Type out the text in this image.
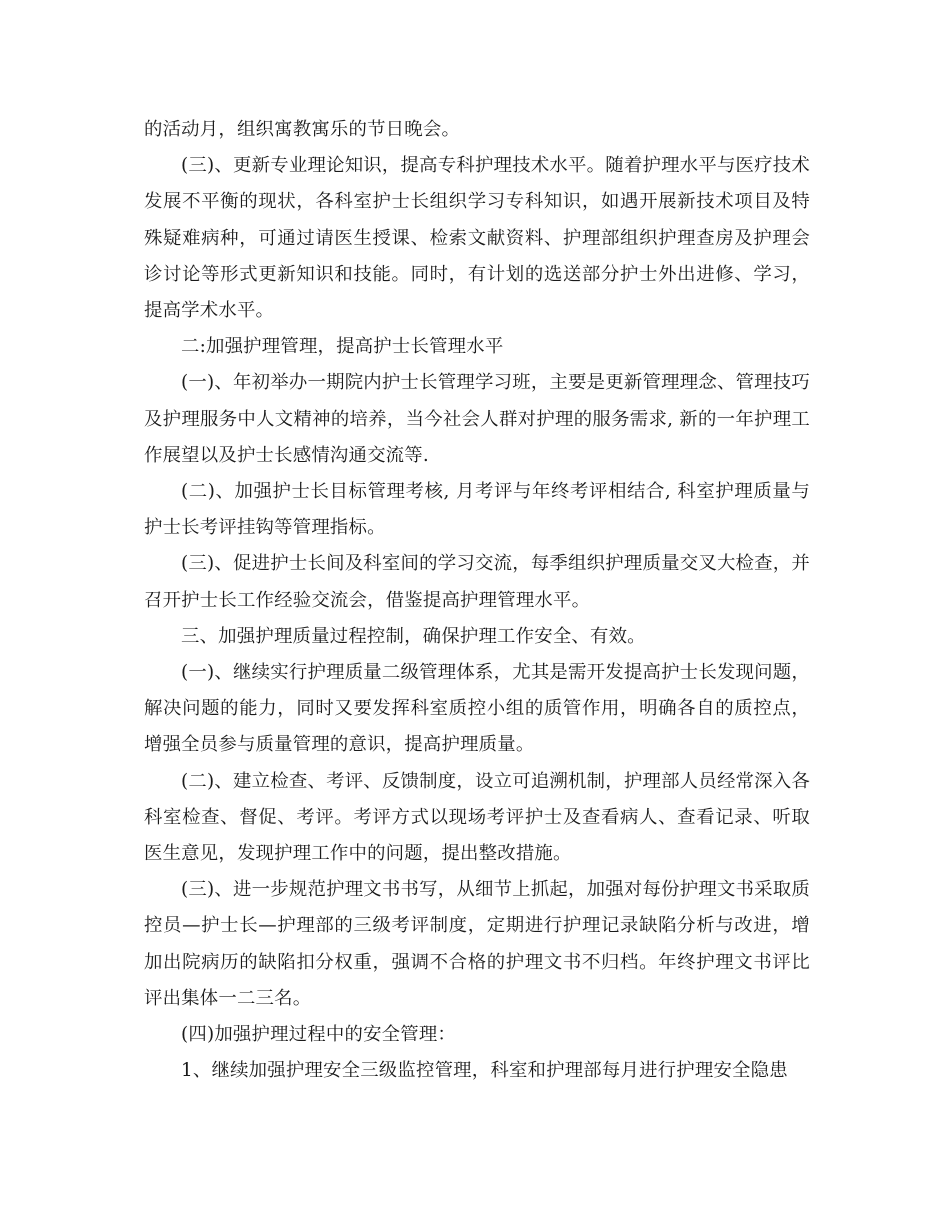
的活动月，组织寓教寓乐的节日晚会。

(三)、更新专业理论知识，提高专科护理技术水平。随着护理水平与医疗技术发展不平衡的现状，各科室护士长组织学习专科知识，如遇开展新技术项目及特殊疑难病种，可通过请医生授课、检索文献资料、护理部组织护理查房及护理会诊讨论等形式更新知识和技能。同时，有计划的选送部分护士外出进修、学习，提高学术水平。

二:加强护理管理，提高护士长管理水平

(一)、年初举办一期院内护士长管理学习班，主要是更新管理理念、管理技巧及护理服务中人文精神的培养，当今社会人群对护理的服务需求, 新的一年护理工作展望以及护士长感情沟通交流等.

(二)、加强护士长目标管理考核, 月考评与年终考评相结合, 科室护理质量与护士长考评挂钩等管理指标。

(三)、促进护士长间及科室间的学习交流，每季组织护理质量交叉大检查，并召开护士长工作经验交流会，借鉴提高护理管理水平。

三、加强护理质量过程控制，确保护理工作安全、有效。

(一)、继续实行护理质量二级管理体系，尤其是需开发提高护士长发现问题，解决问题的能力，同时又要发挥科室质控小组的质管作用，明确各自的质控点，增强全员参与质量管理的意识，提高护理质量。

(二)、建立检查、考评、反馈制度，设立可追溯机制，护理部人员经常深入各科室检查、督促、考评。考评方式以现场考评护士及查看病人、查看记录、听取医生意见，发现护理工作中的问题，提出整改措施。

(三)、进一步规范护理文书书写，从细节上抓起，加强对每份护理文书采取质控员—护士长—护理部的三级考评制度，定期进行护理记录缺陷分析与改进，增加出院病历的缺陷扣分权重，强调不合格的护理文书不归档。年终护理文书评比评出集体一二三名。

(四)加强护理过程中的安全管理：

1、继续加强护理安全三级监控管理，科室和护理部每月进行护理安全隐患
